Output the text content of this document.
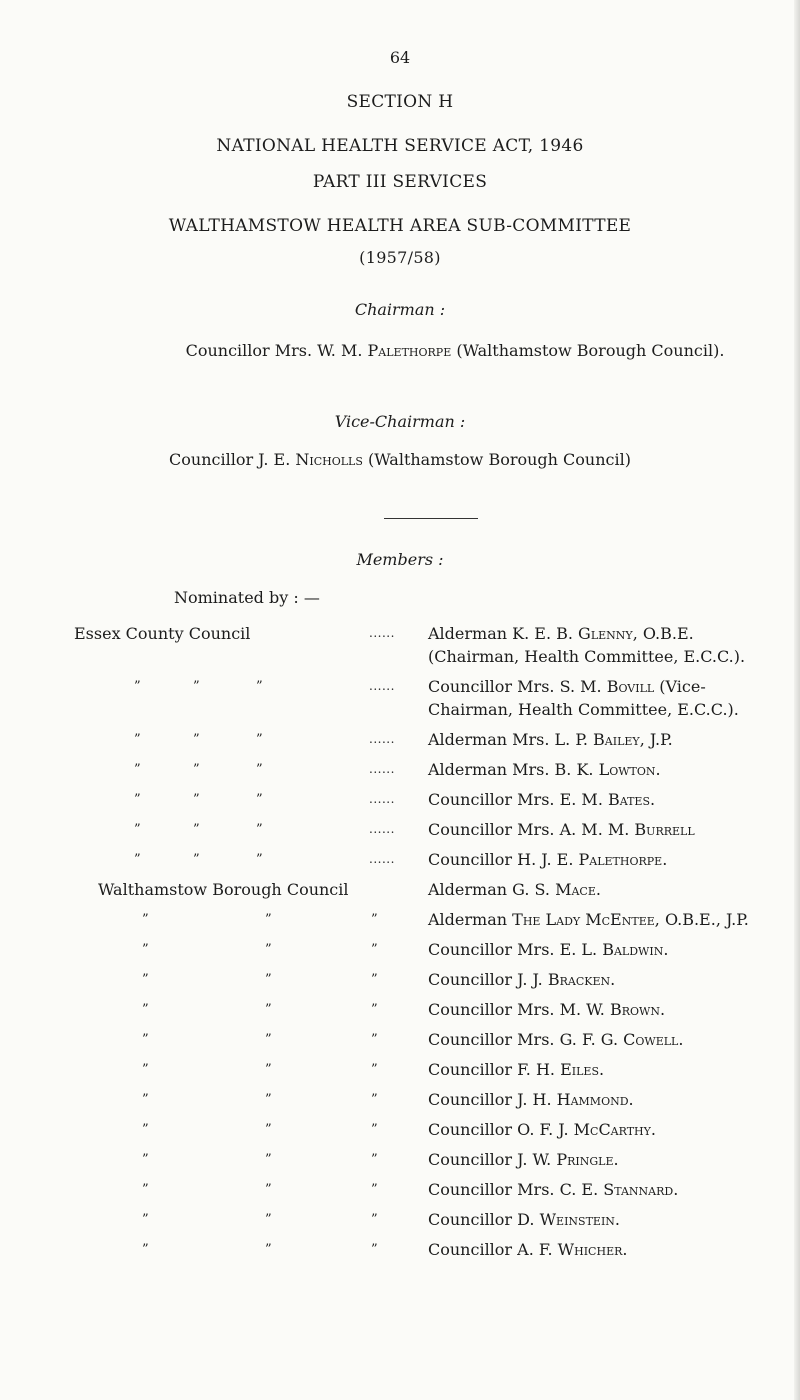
64
SECTION H
NATIONAL HEALTH SERVICE ACT, 1946
PART III SERVICES
WALTHAMSTOW HEALTH AREA SUB-COMMITTEE
(1957/58)
Chairman :
Councillor Mrs. W. M. Palethorpe (Walthamstow Borough Council).
Vice-Chairman :
Councillor J. E. Nicholls (Walthamstow Borough Council)
Members :
Nominated by : —
Essex County Council	......	Alderman K. E. B. Glenny, O.B.E. (Chairman, Health Committee, E.C.C.).
”	”	”	......	Councillor Mrs. S. M. Bovill (Vice-Chairman, Health Committee, E.C.C.).
”	”	”	......	Alderman Mrs. L. P. Bailey, J.P.
”	”	”	......	Alderman Mrs. B. K. Lowton.
”	”	”	......	Councillor Mrs. E. M. Bates.
”	”	”	......	Councillor Mrs. A. M. M. Burrell
”	”	”	......	Councillor H. J. E. Palethorpe.
Walthamstow Borough Council	Alderman G. S. Mace.
”	”	”	Alderman The Lady McEntee, O.B.E., J.P.
”	”	”	Councillor Mrs. E. L. Baldwin.
”	”	”	Councillor J. J. Bracken.
”	”	”	Councillor Mrs. M. W. Brown.
”	”	”	Councillor Mrs. G. F. G. Cowell.
”	”	”	Councillor F. H. Eiles.
”	”	”	Councillor J. H. Hammond.
”	”	”	Councillor O. F. J. McCarthy.
”	”	”	Councillor J. W. Pringle.
”	”	”	Councillor Mrs. C. E. Stannard.
”	”	”	Councillor D. Weinstein.
”	”	”	Councillor A. F. Whicher.
